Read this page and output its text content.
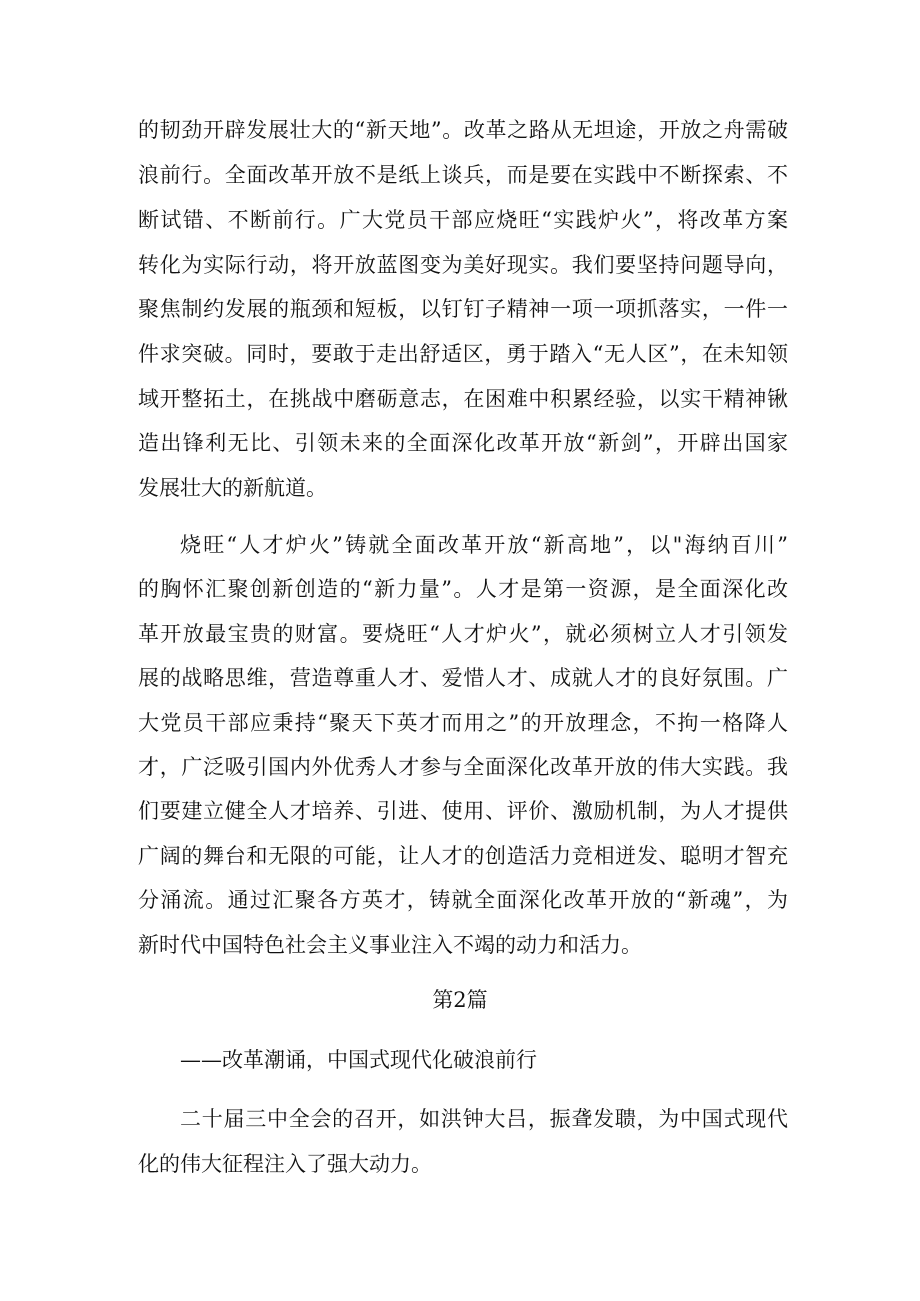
的韧劲开辟发展壮大的“新天地”。改革之路从无坦途，开放之舟需破
浪前行。全面改革开放不是纸上谈兵，而是要在实践中不断探索、不
断试错、不断前行。广大党员干部应烧旺“实践炉火”，将改革方案
转化为实际行动，将开放蓝图变为美好现实。我们要坚持问题导向，
聚焦制约发展的瓶颈和短板，以钉钉子精神一项一项抓落实，一件一
件求突破。同时，要敢于走出舒适区，勇于踏入“无人区”，在未知领
域开整拓土，在挑战中磨砺意志，在困难中积累经验，以实干精神锹
造出锋利无比、引领未来的全面深化改革开放“新剑”，开辟出国家
发展壮大的新航道。
烧旺“人才炉火”铸就全面改革开放“新高地”，以"海纳百川”
的胸怀汇聚创新创造的“新力量”。人才是第一资源，是全面深化改
革开放最宝贵的财富。要烧旺“人才炉火”，就必须树立人才引领发
展的战略思维，营造尊重人才、爱惜人才、成就人才的良好氛围。广
大党员干部应秉持“聚天下英才而用之”的开放理念，不拘一格降人
才，广泛吸引国内外优秀人才参与全面深化改革开放的伟大实践。我
们要建立健全人才培养、引进、使用、评价、激励机制，为人才提供
广阔的舞台和无限的可能，让人才的创造活力竞相迸发、聪明才智充
分涌流。通过汇聚各方英才，铸就全面深化改革开放的“新魂”，为
新时代中国特色社会主义事业注入不竭的动力和活力。
第2篇
——改革潮诵，中国式现代化破浪前行
二十届三中全会的召开，如洪钟大吕，振聋发聩，为中国式现代
化的伟大征程注入了强大动力。
